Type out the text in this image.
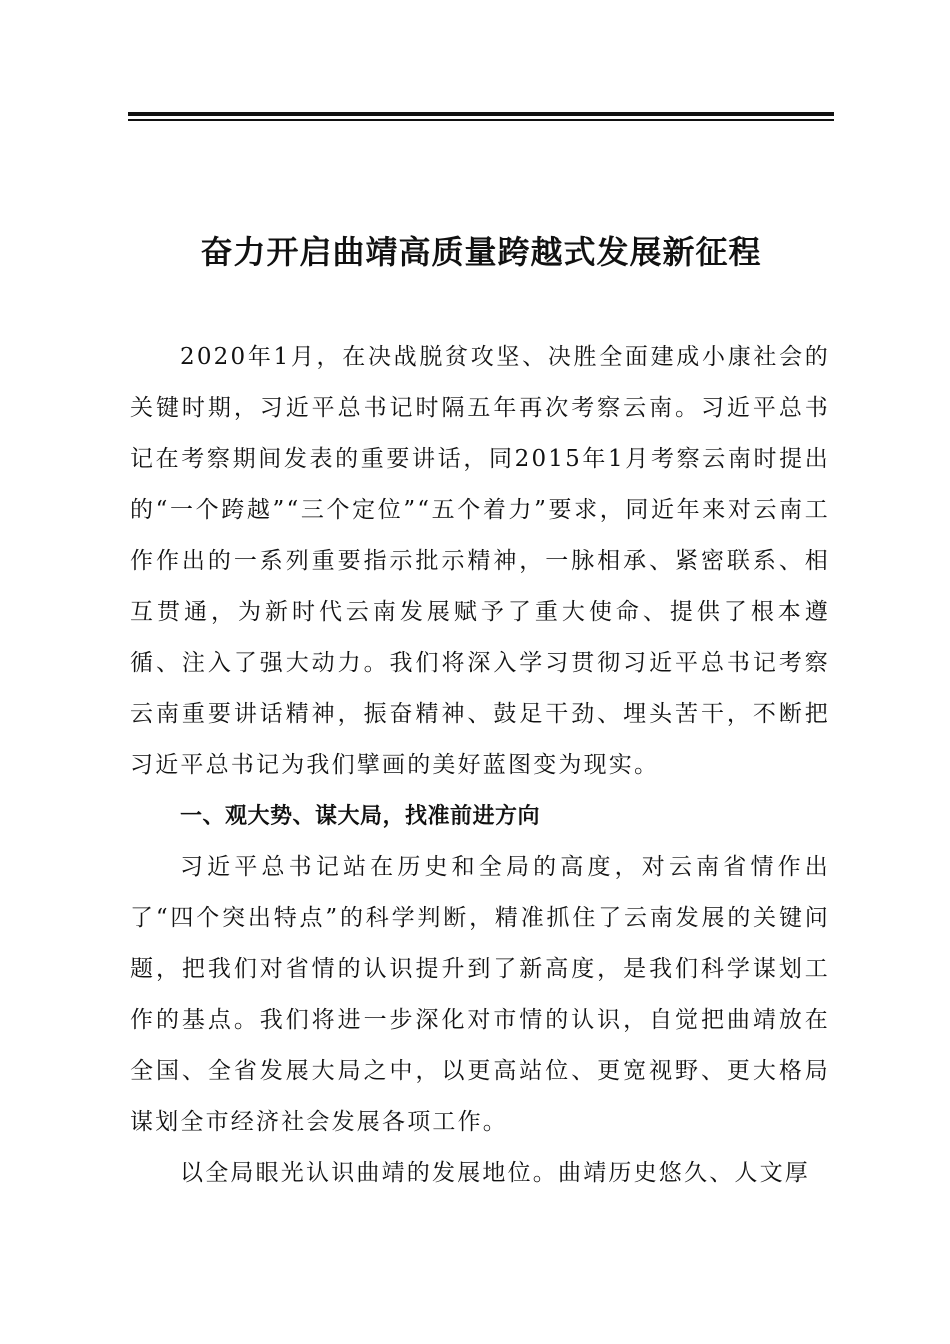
奋力开启曲靖高质量跨越式发展新征程

2020年1月，在决战脱贫攻坚、决胜全面建成小康社会的关键时期，习近平总书记时隔五年再次考察云南。习近平总书记在考察期间发表的重要讲话，同2015年1月考察云南时提出的“一个跨越”“三个定位”“五个着力”要求，同近年来对云南工作作出的一系列重要指示批示精神，一脉相承、紧密联系、相互贯通，为新时代云南发展赋予了重大使命、提供了根本遵循、注入了强大动力。我们将深入学习贯彻习近平总书记考察云南重要讲话精神，振奋精神、鼓足干劲、埋头苦干，不断把习近平总书记为我们擘画的美好蓝图变为现实。

一、观大势、谋大局，找准前进方向

习近平总书记站在历史和全局的高度，对云南省情作出了“四个突出特点”的科学判断，精准抓住了云南发展的关键问题，把我们对省情的认识提升到了新高度，是我们科学谋划工作的基点。我们将进一步深化对市情的认识，自觉把曲靖放在全国、全省发展大局之中，以更高站位、更宽视野、更大格局谋划全市经济社会发展各项工作。

以全局眼光认识曲靖的发展地位。曲靖历史悠久、人文厚
